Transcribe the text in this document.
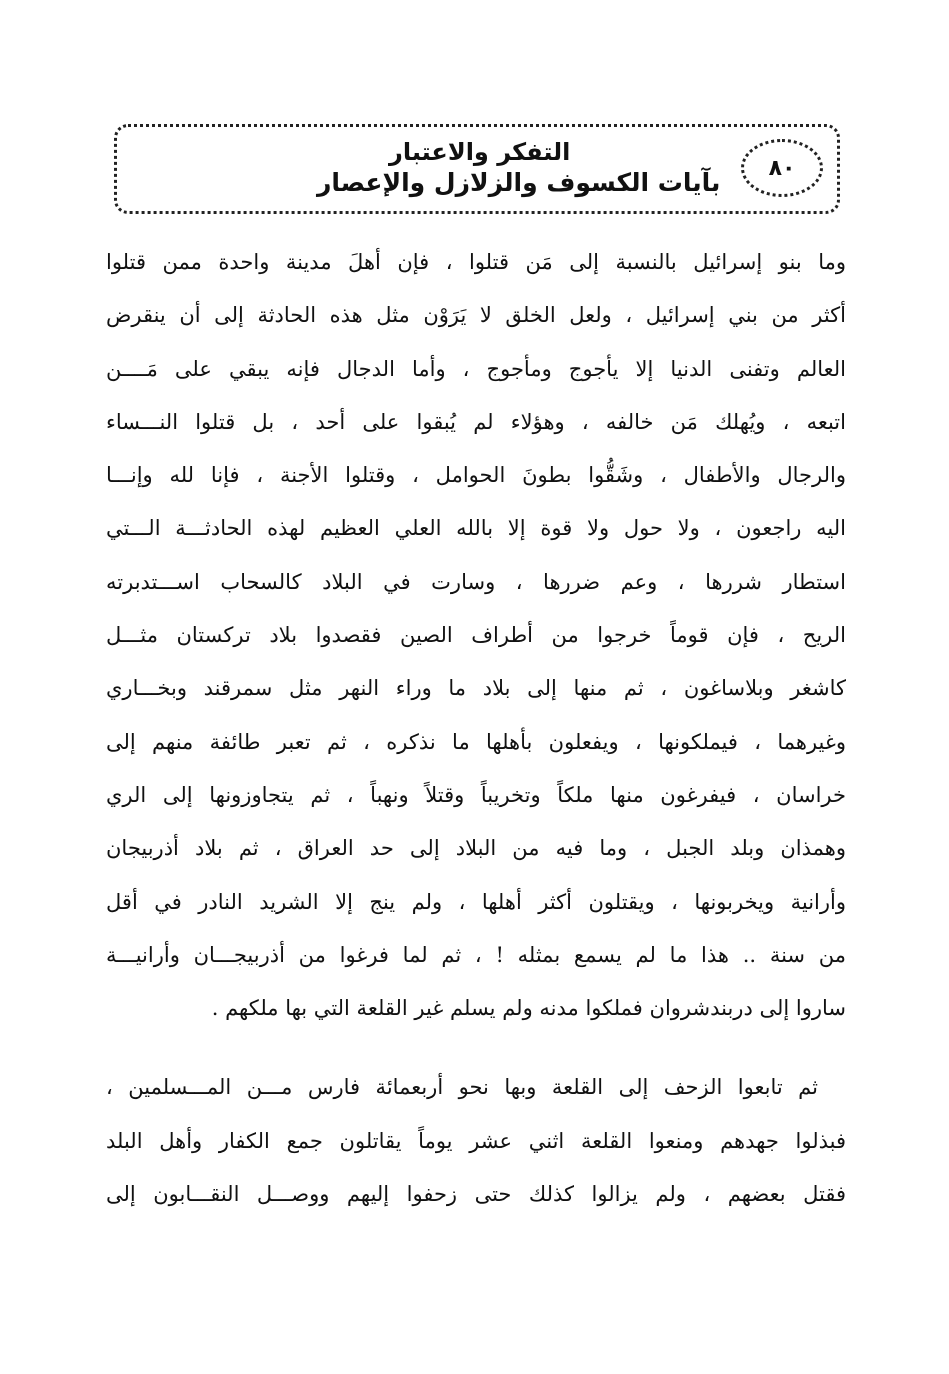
التفكر والاعتبار
بآيات الكسوف والزلازل والإعصار	٨٠
وما بنو إسرائيل بالنسبة إلى مَن قتلوا ، فإن أهلَ مدينة واحدة ممن قتلوا
أكثر من بني إسرائيل ، ولعل الخلق لا يَرَوْن مثل هذه الحادثة إلى أن ينقرض
العالم وتفنى الدنيا إلا يأجوج ومأجوج ، وأما الدجال فإنه يبقي على مَــــن
اتبعه ، ويُهلك مَن خالفه ، وهؤلاء لم يُبقوا على أحد ، بل قتلوا النـــساء
والرجال والأطفال ، وشَقُّوا بطونَ الحوامل ، وقتلوا الأجنة ، فإنا لله وإنـــا
اليه راجعون ، ولا حول ولا قوة إلا بالله العلي العظيم لهذه الحادثـــة الـــتي
استطار شررها ، وعم ضررها ، وسارت في البلاد كالسحاب اســـتدبرته
الريح ، فإن قوماً خرجوا من أطراف الصين فقصدوا بلاد تركستان مثـــل
كاشغر وبلاساغون ، ثم منها إلى بلاد ما وراء النهر مثل سمرقند وبخـــاري
وغيرهما ، فيملكونها ، ويفعلون بأهلها ما نذكره ، ثم تعبر طائفة منهم إلى
خراسان ، فيفرغون منها ملكاً وتخريباً وقتلاً ونهباً ، ثم يتجاوزونها إلى الري
وهمذان وبلد الجبل ، وما فيه من البلاد إلى حد العراق ، ثم بلاد أذربيجان
وأرانية ويخربونها ، ويقتلون أكثر أهلها ، ولم ينج إلا الشريد النادر في أقل
من سنة .. هذا ما لم يسمع بمثله ! ، ثم لما فرغوا من أذربيجـــان وأرانيـــة
ساروا إلى دربندشروان فملكوا مدنه ولم يسلم غير القلعة التي بها ملكهم .
ثم تابعوا الزحف إلى القلعة وبها نحو أربعمائة فارس مـــن المـــسلمين ،
فبذلوا جهدهم ومنعوا القلعة اثني عشر يوماً يقاتلون جمع الكفار وأهل البلد
فقتل بعضهم ، ولم يزالوا كذلك حتى زحفوا إليهم ووصـــل النقـــابون إلى
